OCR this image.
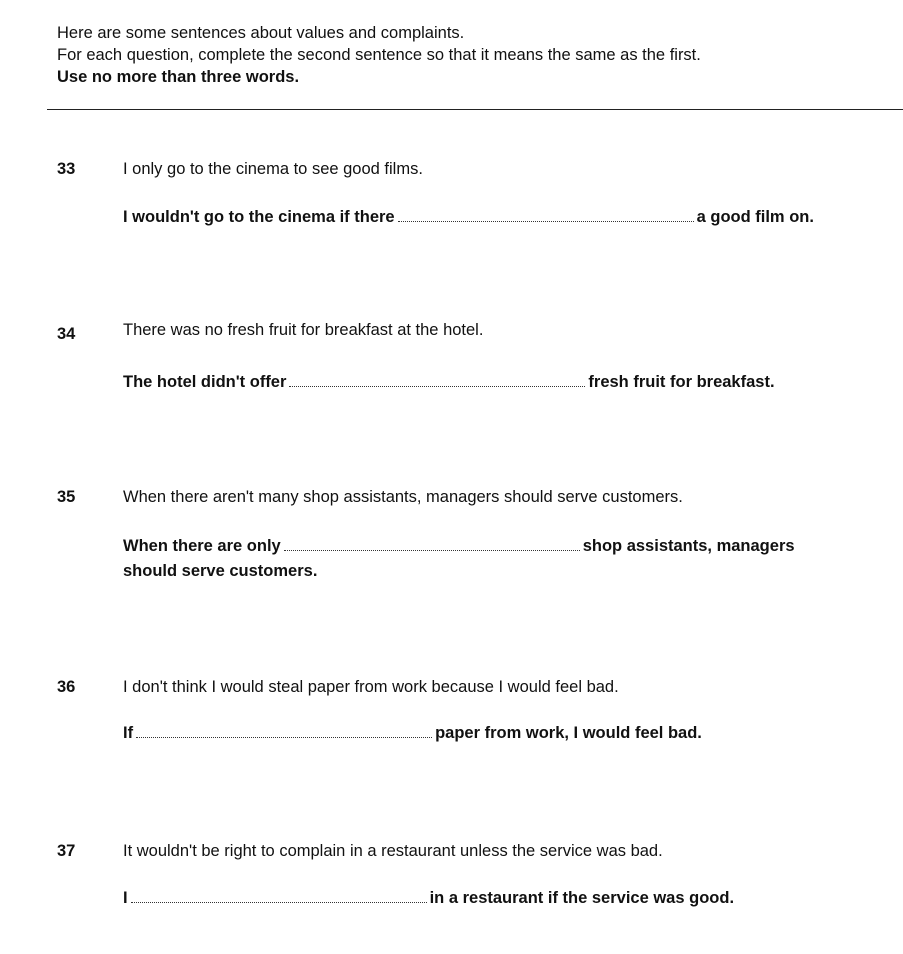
Here are some sentences about values and complaints.
For each question, complete the second sentence so that it means the same as the first.
Use no more than three words.
33	I only go to the cinema to see good films.
I wouldn't go to the cinema if there	a good film on.
34	There was no fresh fruit for breakfast at the hotel.
The hotel didn't offer	fresh fruit for breakfast.
35	When there aren't many shop assistants, managers should serve customers.
When there are only	shop assistants, managers
should serve customers.
36	I don't think I would steal paper from work because I would feel bad.
If	paper from work, I would feel bad.
37	It wouldn't be right to complain in a restaurant unless the service was bad.
I	in a restaurant if the service was good.
